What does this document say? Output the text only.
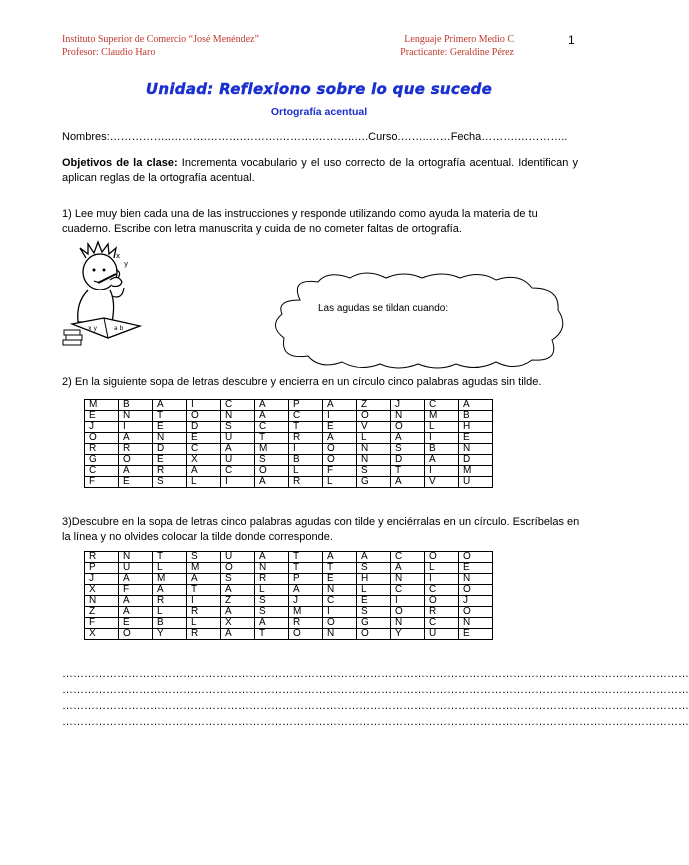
Instituto Superior de Comercio “José Menéndez”
Profesor: Claudio Haro
Lenguaje Primero Medio C
Practicante: Geraldine Pérez
1
Unidad: Reflexiono sobre lo que sucede
Ortografía acentual
Nombres:……………..……….……….……….……….………..….Curso.……..……Fecha……….…………..
Objetivos de la clase: Incrementa vocabulario y el uso correcto de la ortografía acentual. Identifican y aplican reglas de la ortografía acentual.
1) Lee muy bien cada una de las instrucciones y responde utilizando como ayuda la materia de tu cuaderno. Escribe con letra manuscrita y cuida de no cometer faltas de ortografía.
x y	a b
x
y
Las agudas se tildan cuando:
2) En la siguiente sopa de letras descubre y encierra en un círculo cinco palabras agudas sin tilde.
M	B	A	I	C	A	P	A	Z	J	C	A
E	N	T	O	N	A	C	I	O	N	M	B
J	I	E	D	S	C	T	E	V	O	L	H
O	A	N	E	U	T	R	A	L	A	I	E
R	R	D	C	A	M	I	O	N	S	B	N
G	O	E	X	U	S	B	O	N	D	A	D
C	A	R	A	C	O	L	F	S	T	I	M
F	E	S	L	I	A	R	L	G	A	V	U
3)Descubre en la sopa de letras cinco palabras agudas con tilde y enciérralas en un círculo. Escríbelas en la línea y no olvides colocar la tilde donde corresponde.
R	N	T	S	U	A	T	A	A	C	O	O
P	U	L	M	O	N	T	T	S	A	L	E
J	A	M	A	S	R	P	E	H	N	I	N
X	F	A	T	A	L	A	N	L	C	C	O
N	A	R	I	Z	S	J	C	E	I	O	J
Z	A	L	R	A	S	M	I	S	O	R	O
F	E	B	L	X	A	R	O	G	N	C	N
X	O	Y	R	A	T	O	N	O	Y	U	E
………………………………………………………………………………………………………………………………………………………
………………………………………………………………………………………………………………………………………………………
………………………………………………………………………………………………………………………………………………………
………………………………………………………………………………………………………………………………………………………
